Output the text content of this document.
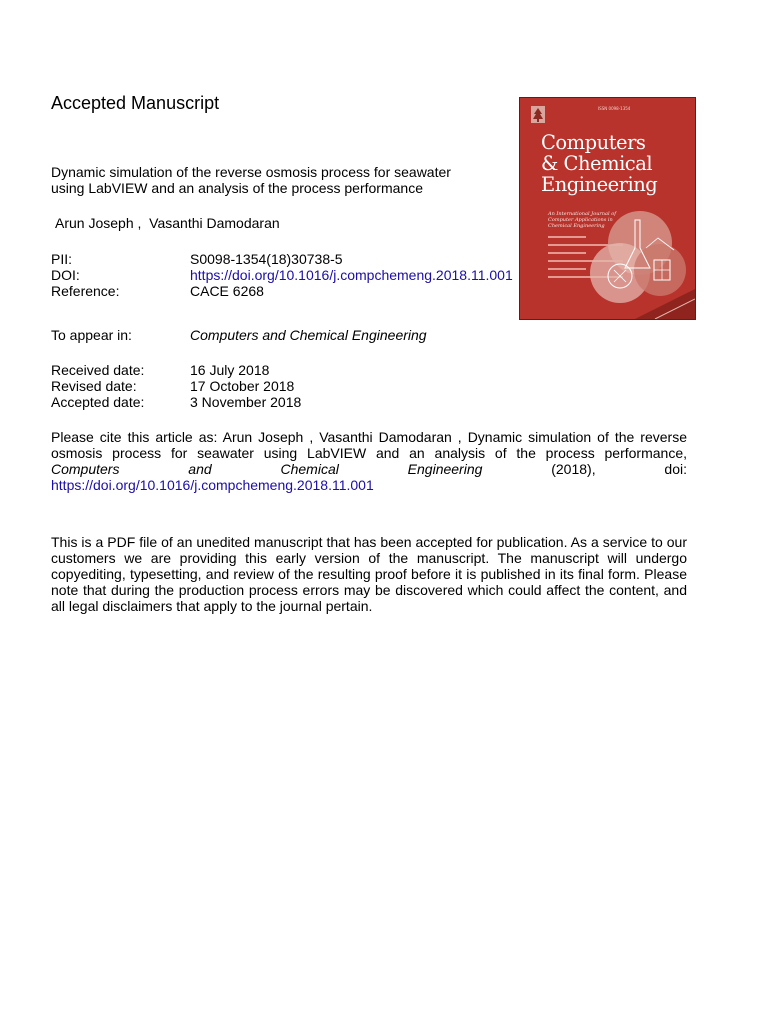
Accepted Manuscript
Dynamic simulation of the reverse osmosis process for seawater using LabVIEW and an analysis of the process performance
Arun Joseph ,  Vasanthi Damodaran
PII:	S0098-1354(18)30738-5
DOI:	https://doi.org/10.1016/j.compchemeng.2018.11.001
Reference:	CACE 6268
To appear in:	Computers and Chemical Engineering
Received date:	16 July 2018
Revised date:	17 October 2018
Accepted date:	3 November 2018
Please cite this article as: Arun Joseph , Vasanthi Damodaran , Dynamic simulation of the reverse osmosis process for seawater using LabVIEW and an analysis of the process performance, Computers and Chemical Engineering (2018), doi: https://doi.org/10.1016/j.compchemeng.2018.11.001
This is a PDF file of an unedited manuscript that has been accepted for publication. As a service to our customers we are providing this early version of the manuscript. The manuscript will undergo copyediting, typesetting, and review of the resulting proof before it is published in its final form. Please note that during the production process errors may be discovered which could affect the content, and all legal disclaimers that apply to the journal pertain.
ISSN 0098-1354
Computers
& Chemical
Engineering
An International Journal of Computer Applications in Chemical Engineering
